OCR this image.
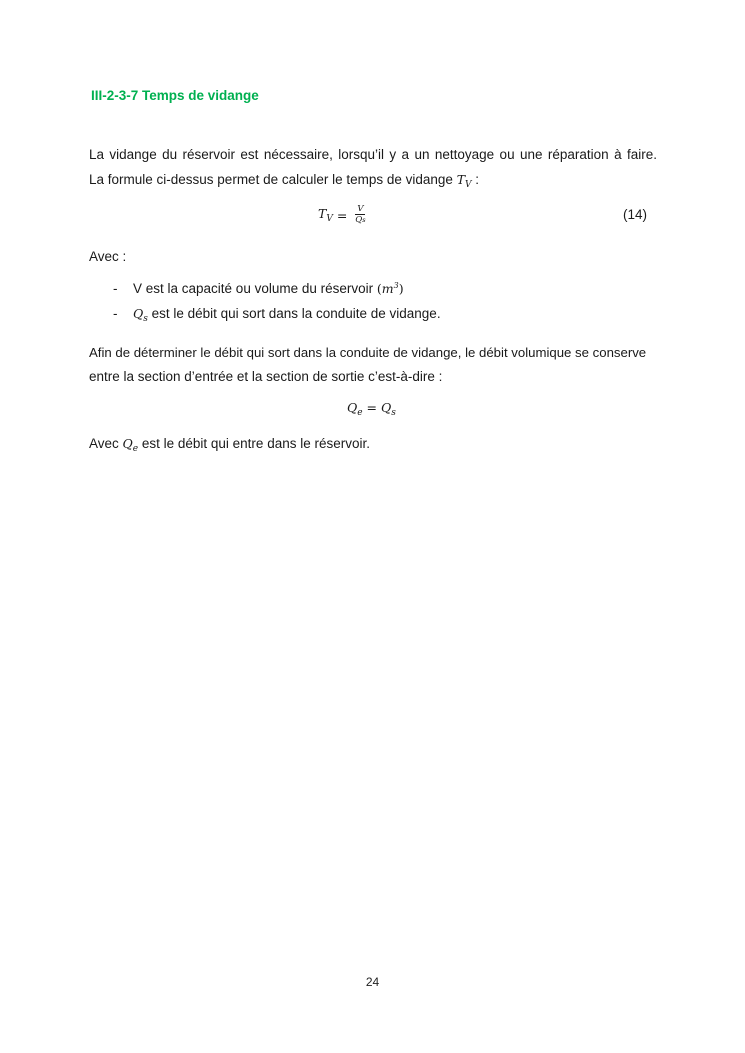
III-2-3-7 Temps de vidange
La vidange du réservoir est nécessaire, lorsqu’il y a un nettoyage ou une réparation à faire.
La formule ci-dessus permet de calculer le temps de vidange $T_V$ :
$T_V = \frac{V}{Qs}$	(14)
Avec :
- V est la capacité ou volume du réservoir $(m^3)$
- $Q_s$ est le débit qui sort dans la conduite de vidange.
Afin de déterminer le débit qui sort dans la conduite de vidange, le débit volumique se conserve
entre la section d’entrée et la section de sortie c’est-à-dire :
$Q_e = Q_s$
Avec $Q_e$ est le débit qui entre dans le réservoir.
24
